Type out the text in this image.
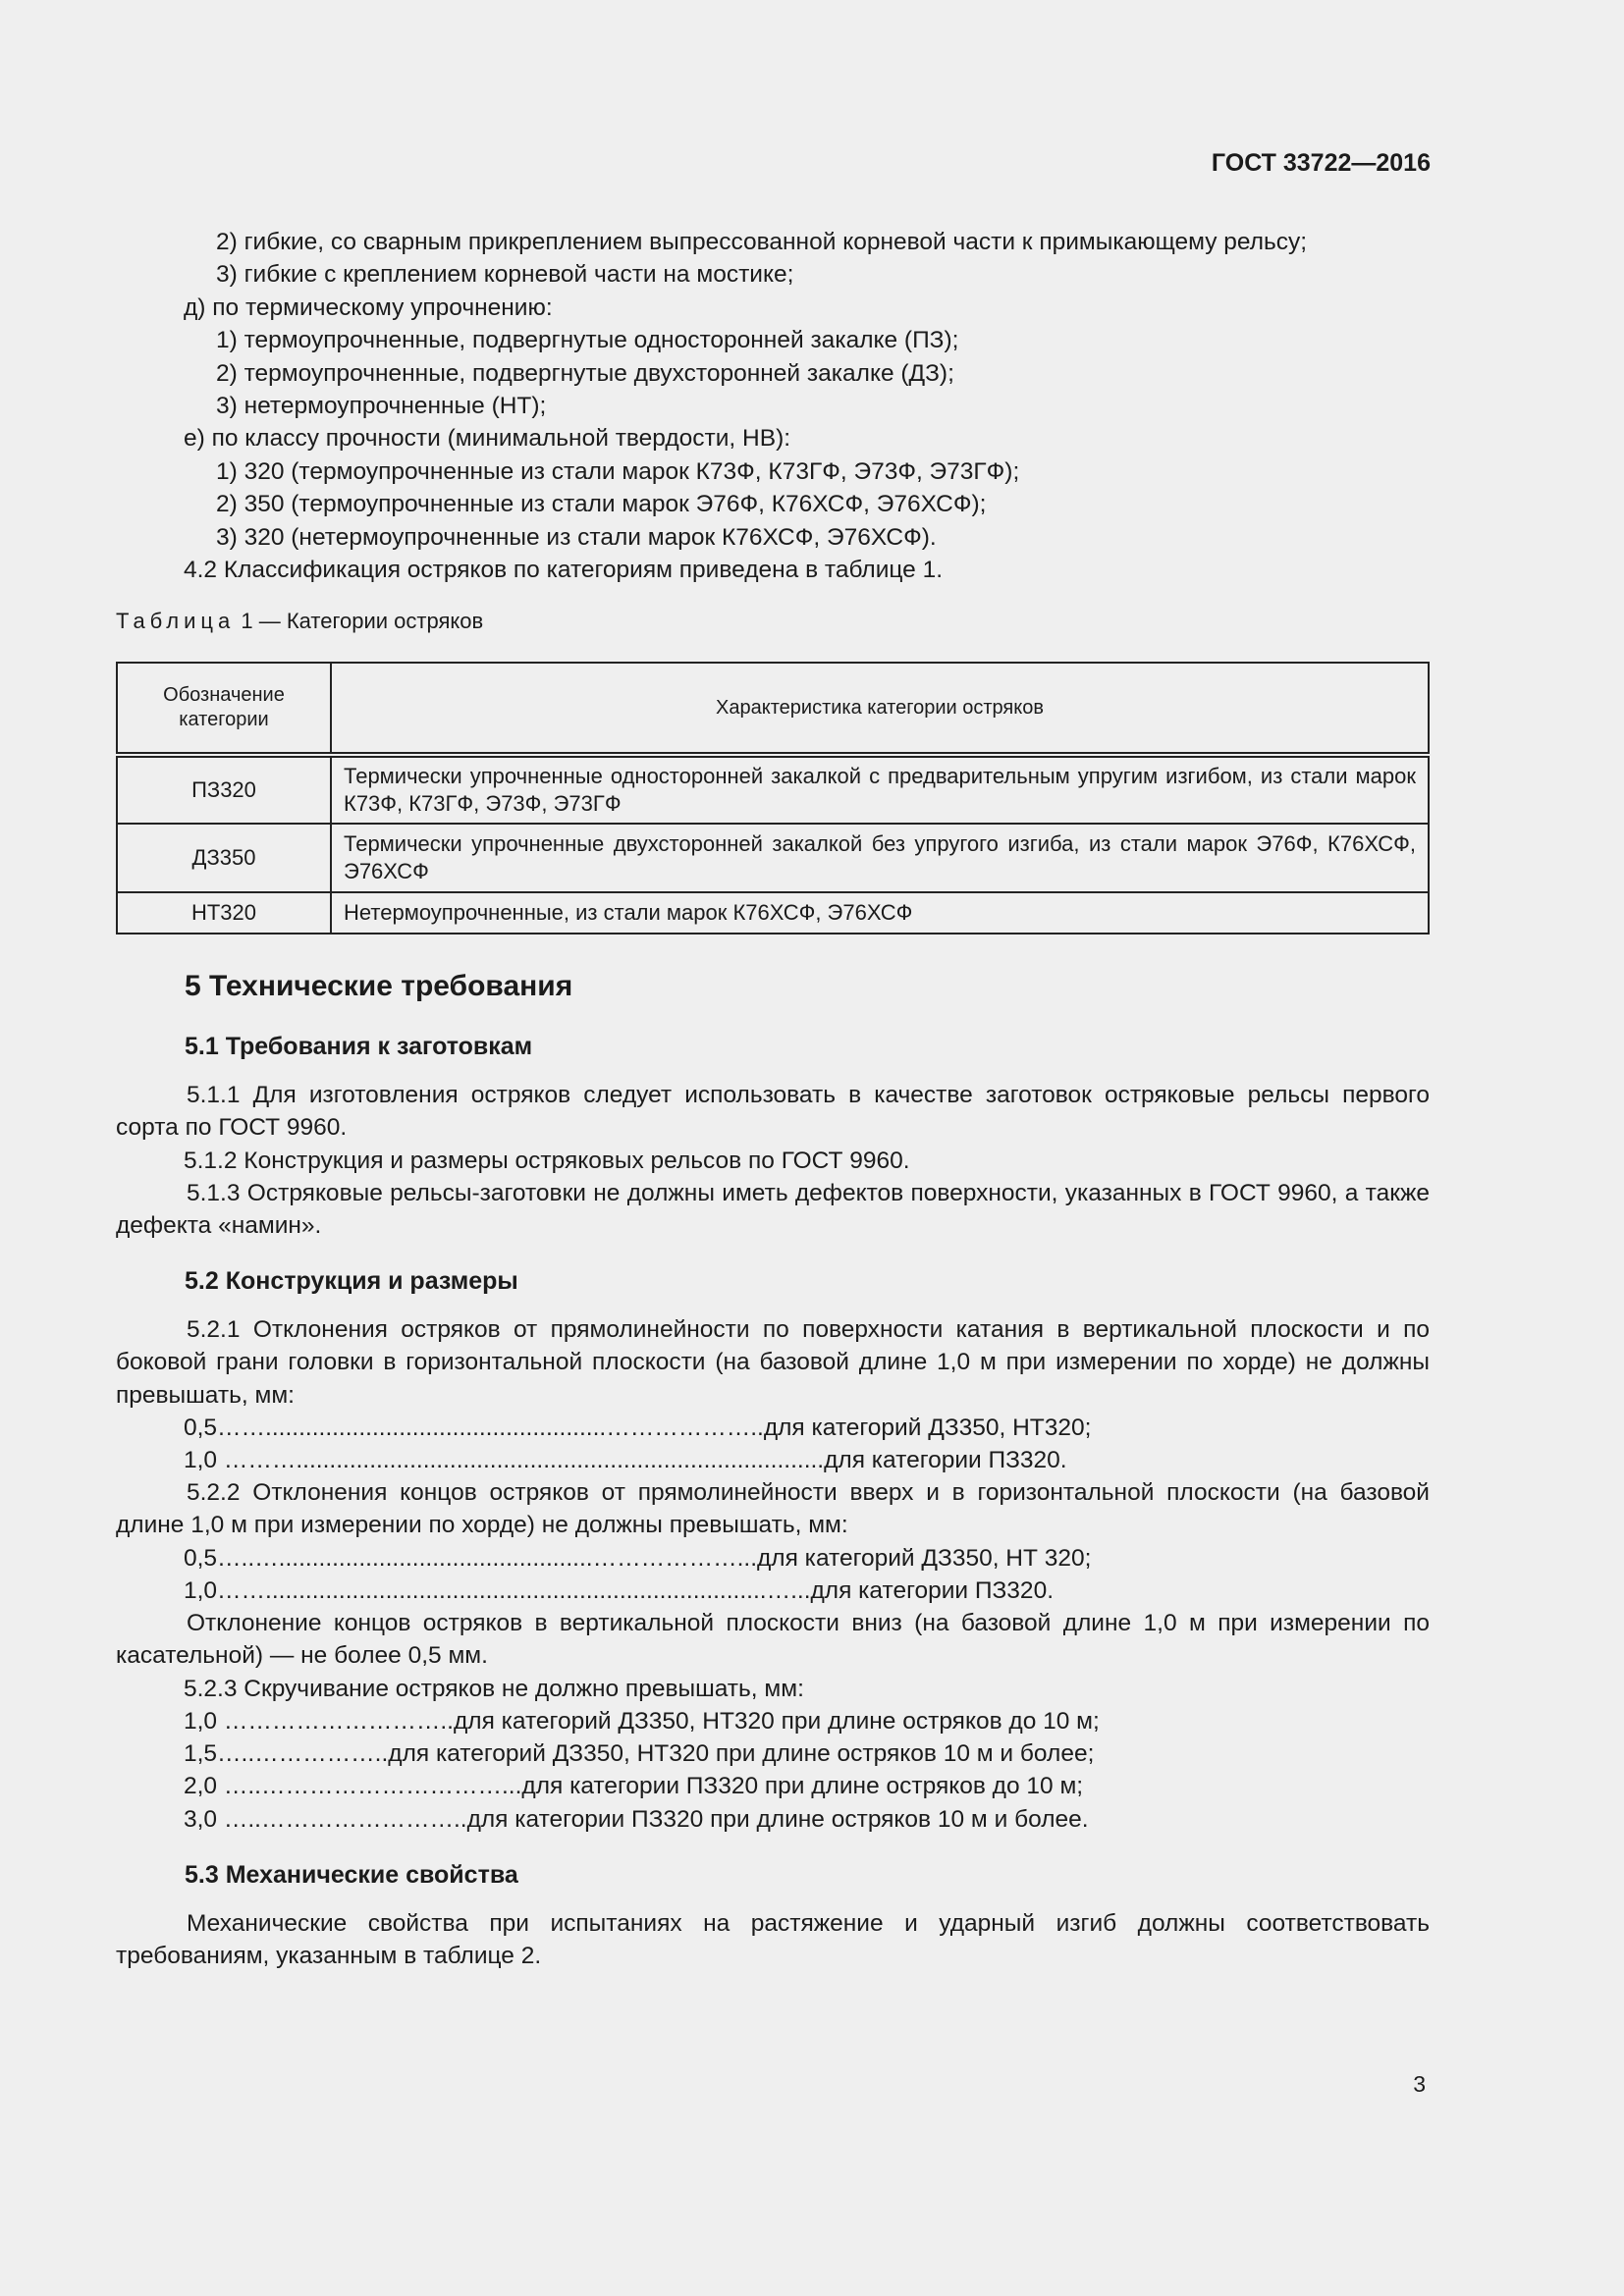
ГОСТ 33722—2016
2) гибкие, со сварным прикреплением выпрессованной корневой части к примыкающему рельсу;
3) гибкие с креплением корневой части на мостике;
д) по термическому упрочнению:
1) термоупрочненные, подвергнутые односторонней закалке (ПЗ);
2) термоупрочненные, подвергнутые двухсторонней закалке (ДЗ);
3) нетермоупрочненные (НТ);
е) по классу прочности (минимальной твердости, НВ):
1) 320 (термоупрочненные из стали марок К73Ф, К73ГФ, Э73Ф, Э73ГФ);
2) 350 (термоупрочненные из стали марок Э76Ф, К76ХСФ, Э76ХСФ);
3) 320 (нетермоупрочненные из стали марок К76ХСФ, Э76ХСФ).
4.2 Классификация остряков по категориям приведена в таблице 1.
Таблица 1 — Категории остряков
Обозначение категории	Характеристика категории остряков
ПЗ320	Термически упрочненные односторонней закалкой с предварительным упругим изгибом, из стали марок К73Ф, К73ГФ, Э73Ф, Э73ГФ
ДЗ350	Термически упрочненные двухсторонней закалкой без упругого изгиба, из стали марок Э76Ф, К76ХСФ, Э76ХСФ
НТ320	Нетермоупрочненные, из стали марок К76ХСФ, Э76ХСФ
5 Технические требования
5.1 Требования к заготовкам
5.1.1 Для изготовления остряков следует использовать в качестве заготовок остряковые рельсы первого сорта по ГОСТ 9960.
5.1.2 Конструкция и размеры остряковых рельсов по ГОСТ 9960.
5.1.3 Остряковые рельсы-заготовки не должны иметь дефектов поверхности, указанных в ГОСТ 9960, а также дефекта «намин».
5.2 Конструкция и размеры
5.2.1 Отклонения остряков от прямолинейности по поверхности катания в вертикальной плоскости и по боковой грани головки в горизонтальной плоскости (на базовой длине 1,0 м при измерении по хорде) не должны превышать, мм:
0,5……...................................................………………..для категорий ДЗ350, НТ320;
1,0 ………...............................................................................для категории ПЗ320.
5.2.2 Отклонения концов остряков от прямолинейности вверх и в горизонтальной плоскости (на базовой длине 1,0 м при измерении по хорде) не должны превышать, мм:
0,5…..…...............................................………………...для категорий ДЗ350, НТ 320;
1,0……...........................................................................…...для категории ПЗ320.
Отклонение концов остряков в вертикальной плоскости вниз (на базовой длине 1,0 м при измерении по касательной) — не более 0,5 мм.
5.2.3 Скручивание остряков не должно превышать, мм:
1,0 ………………………..для категорий ДЗ350, НТ320 при длине остряков до 10 м;
1,5…..……………..для категорий ДЗ350, НТ320 при длине остряков 10 м и более;
2,0 …..…………………………...для категории ПЗ320 при длине остряков до 10 м;
3,0 …..……………………..для категории ПЗ320 при длине остряков 10 м и более.
5.3 Механические свойства
Механические свойства при испытаниях на растяжение и ударный изгиб должны соответствовать требованиям, указанным в таблице 2.
3
